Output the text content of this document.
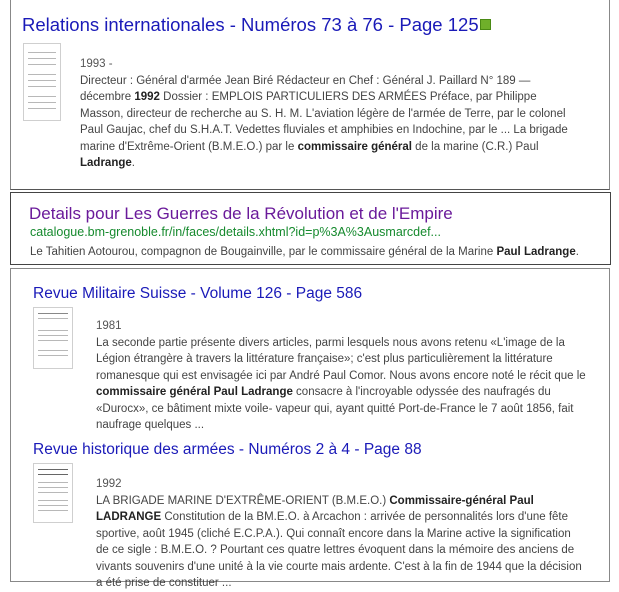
Relations internationales - Numéros 73 à 76 - Page 125
1993 -
Directeur : Général d'armée Jean Biré Rédacteur en Chef : Général J. Paillard N° 189 — décembre 1992 Dossier : EMPLOIS PARTICULIERS DES ARMÉES Préface, par Philippe Masson, directeur de recherche au S. H. M. L'aviation légère de l'armée de Terre, par le colonel Paul Gaujac, chef du S.H.A.T. Vedettes fluviales et amphibies en Indochine, par le ... La brigade marine d'Extrême-Orient (B.M.E.O.) par le commissaire général de la marine (C.R.) Paul Ladrange.
Details pour Les Guerres de la Révolution et de l'Empire
catalogue.bm-grenoble.fr/in/faces/details.xhtml?id=p%3A%3Ausmarcdef...
Le Tahitien Aotourou, compagnon de Bougainville, par le commissaire général de la Marine Paul Ladrange.
Revue Militaire Suisse - Volume 126 - Page 586
1981
La seconde partie présente divers articles, parmi lesquels nous avons retenu «L'image de la Légion étrangère à travers la littérature française»; c'est plus particulièrement la littérature romanesque qui est envisagée ici par André Paul Comor. Nous avons encore noté le récit que le commissaire général Paul Ladrange consacre à l'incroyable odyssée des naufragés du «Durocx», ce bâtiment mixte voile- vapeur qui, ayant quitté Port-de-France le 7 août 1856, fait naufrage quelques ...
Revue historique des armées - Numéros 2 à 4 - Page 88
1992
LA BRIGADE MARINE D'EXTRÊME-ORIENT (B.M.E.O.) Commissaire-général Paul LADRANGE Constitution de la BM.E.O. à Arcachon : arrivée de personnalités lors d'une fête sportive, août 1945 (cliché E.C.P.A.). Qui connaît encore dans la Marine active la signification de ce sigle : B.M.E.O. ? Pourtant ces quatre lettres évoquent dans la mémoire des anciens de vivants souvenirs d'une unité à la vie courte mais ardente. C'est à la fin de 1944 que la décision a été prise de constituer ...
